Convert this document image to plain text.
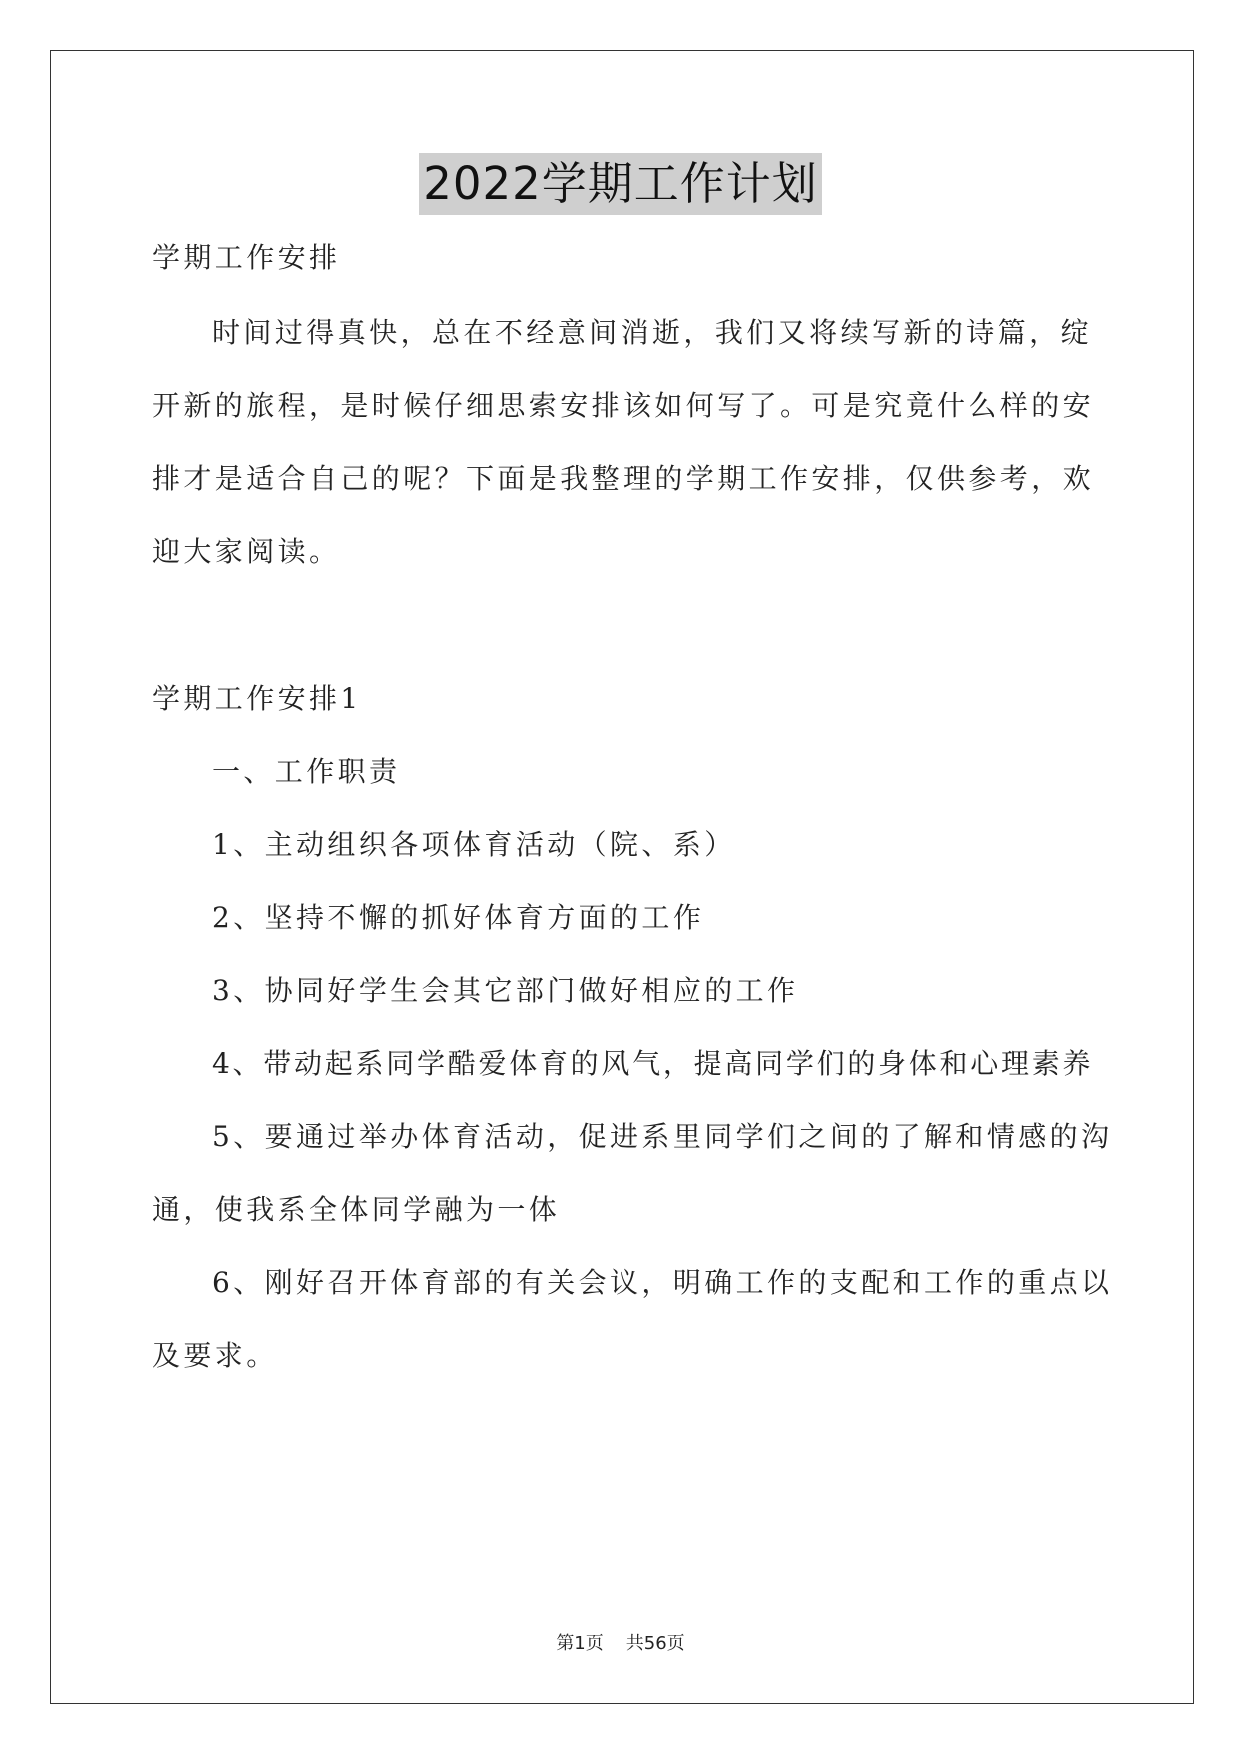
2022学期工作计划
学期工作安排
时间过得真快，总在不经意间消逝，我们又将续写新的诗篇，绽
开新的旅程，是时候仔细思索安排该如何写了。可是究竟什么样的安
排才是适合自己的呢？下面是我整理的学期工作安排，仅供参考，欢
迎大家阅读。
学期工作安排1
一、工作职责
1、主动组织各项体育活动（院、系）
2、坚持不懈的抓好体育方面的工作
3、协同好学生会其它部门做好相应的工作
4、带动起系同学酷爱体育的风气，提高同学们的身体和心理素养
5、要通过举办体育活动，促进系里同学们之间的了解和情感的沟
通，使我系全体同学融为一体
6、刚好召开体育部的有关会议，明确工作的支配和工作的重点以
及要求。
第1页 共56页
